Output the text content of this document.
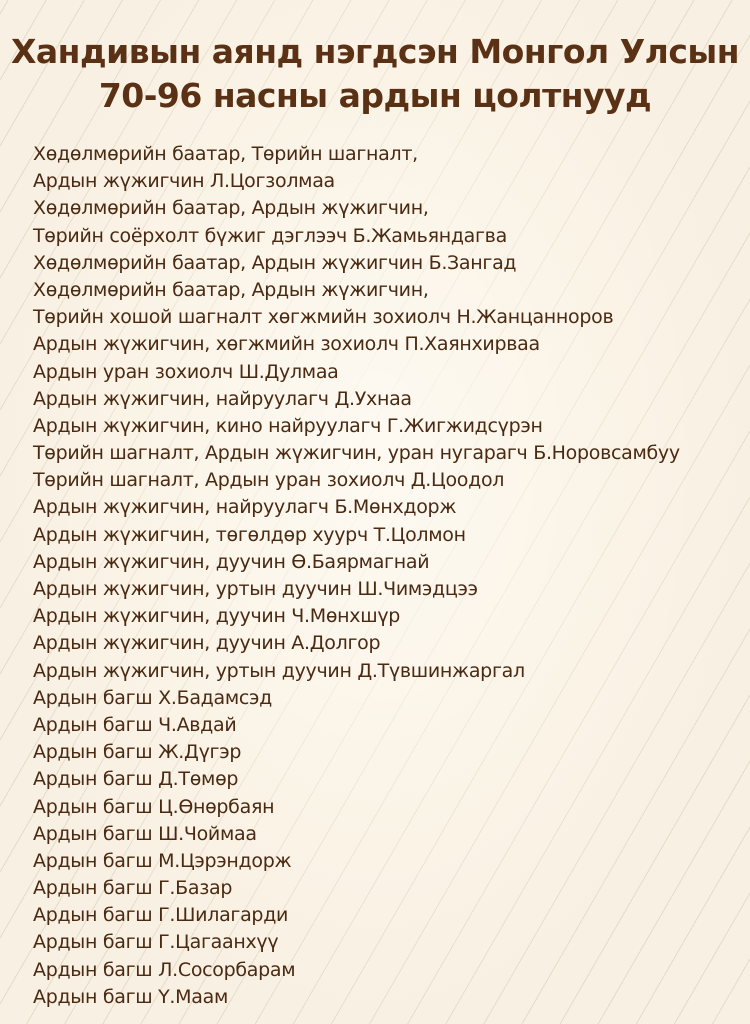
Хандивын аянд нэгдсэн Монгол Улсын
70-96 насны ардын цолтнууд
Хөдөлмөрийн баатар, Төрийн шагналт,
Ардын жүжигчин Л.Цогзолмаа
Хөдөлмөрийн баатар, Ардын жүжигчин,
Төрийн соёрхолт бүжиг дэглээч Б.Жамьяндагва
Хөдөлмөрийн баатар, Ардын жүжигчин Б.Зангад
Хөдөлмөрийн баатар, Ардын жүжигчин,
Төрийн хошой шагналт хөгжмийн зохиолч Н.Жанцанноров
Ардын жүжигчин, хөгжмийн зохиолч П.Хаянхирваа
Ардын уран зохиолч Ш.Дулмаа
Ардын жүжигчин, найруулагч Д.Ухнаа
Ардын жүжигчин, кино найруулагч Г.Жигжидсүрэн
Төрийн шагналт, Ардын жүжигчин, уран нугарагч Б.Норовсамбуу
Төрийн шагналт, Ардын уран зохиолч Д.Цоодол
Ардын жүжигчин, найруулагч Б.Мөнхдорж
Ардын жүжигчин, төгөлдөр хуурч Т.Цолмон
Ардын жүжигчин, дуучин Ө.Баярмагнай
Ардын жүжигчин, уртын дуучин Ш.Чимэдцээ
Ардын жүжигчин, дуучин Ч.Мөнхшүр
Ардын жүжигчин, дуучин А.Долгор
Ардын жүжигчин, уртын дуучин Д.Түвшинжаргал
Ардын багш Х.Бадамсэд
Ардын багш Ч.Авдай
Ардын багш Ж.Дүгэр
Ардын багш Д.Төмөр
Ардын багш Ц.Өнөрбаян
Ардын багш Ш.Чоймаа
Ардын багш М.Цэрэндорж
Ардын багш Г.Базар
Ардын багш Г.Шилагарди
Ардын багш Г.Цагаанхүү
Ардын багш Л.Сосорбарам
Ардын багш Ү.Маам
